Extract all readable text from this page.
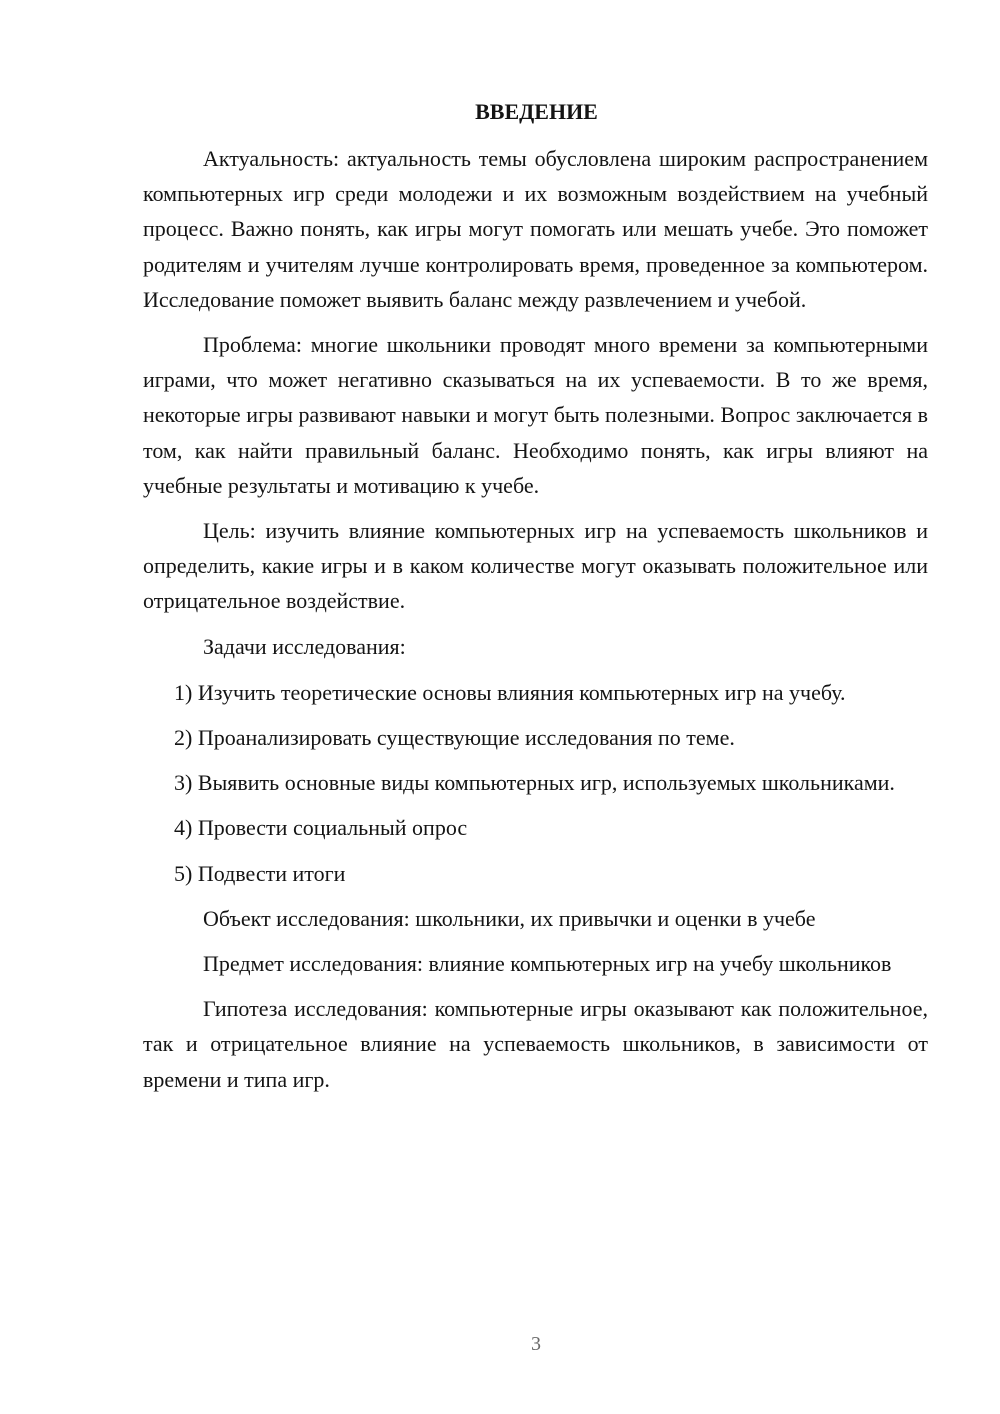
ВВЕДЕНИЕ

Актуальность: актуальность темы обусловлена широким распространением компьютерных игр среди молодежи и их возможным воздействием на учебный процесс. Важно понять, как игры могут помогать или мешать учебе. Это поможет родителям и учителям лучше контролировать время, проведенное за компьютером. Исследование поможет выявить баланс между развлечением и учебой.

Проблема: многие школьники проводят много времени за компьютерными играми, что может негативно сказываться на их успеваемости. В то же время, некоторые игры развивают навыки и могут быть полезными. Вопрос заключается в том, как найти правильный баланс. Необходимо понять, как игры влияют на учебные результаты и мотивацию к учебе.

Цель: изучить влияние компьютерных игр на успеваемость школьников и определить, какие игры и в каком количестве могут оказывать положительное или отрицательное воздействие.

Задачи исследования:

1) Изучить теоретические основы влияния компьютерных игр на учебу.

2) Проанализировать существующие исследования по теме.

3) Выявить основные виды компьютерных игр, используемых школьниками.

4) Провести социальный опрос

5) Подвести итоги

Объект исследования: школьники, их привычки и оценки в учебе

Предмет исследования: влияние компьютерных игр на учебу школьников

Гипотеза исследования: компьютерные игры оказывают как положительное, так и отрицательное влияние на успеваемость школьников, в зависимости от времени и типа игр.

3
